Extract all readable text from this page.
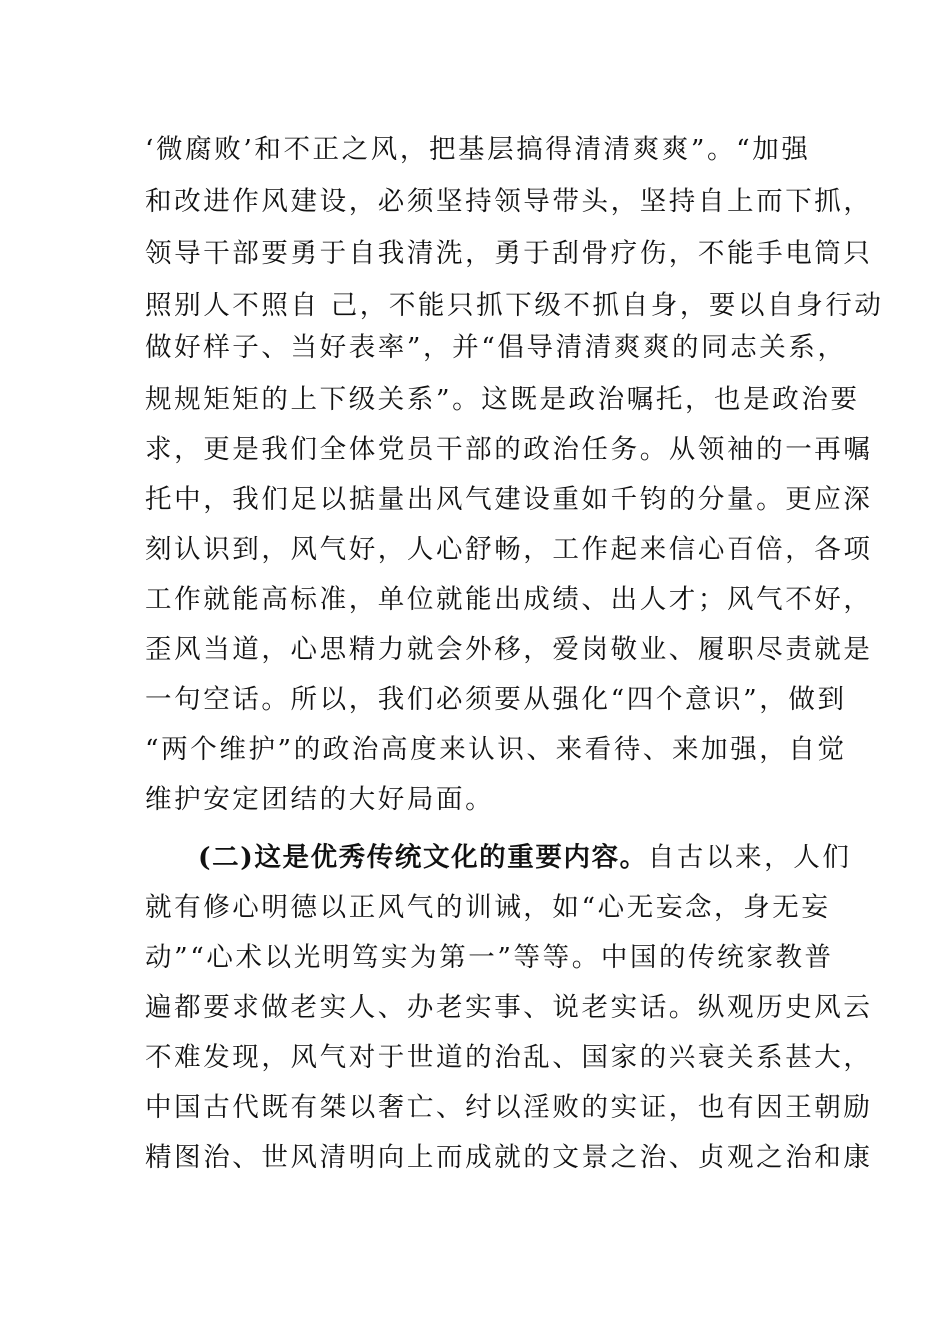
‘微腐败’和不正之风，把基层搞得清清爽爽”。“加强
和改进作风建设，必须坚持领导带头，坚持自上而下抓，
领导干部要勇于自我清洗，勇于刮骨疗伤，不能手电筒只
照别人不照自 己，不能只抓下级不抓自身，要以自身行动
做好样子、当好表率”，并“倡导清清爽爽的同志关系，
规规矩矩的上下级关系”。这既是政治嘱托，也是政治要
求，更是我们全体党员干部的政治任务。从领袖的一再嘱
托中，我们足以掂量出风气建设重如千钧的分量。更应深
刻认识到，风气好，人心舒畅，工作起来信心百倍，各项
工作就能高标准，单位就能出成绩、出人才；风气不好，
歪风当道，心思精力就会外移，爱岗敬业、履职尽责就是
一句空话。所以，我们必须要从强化“四个意识”，做到
“两个维护”的政治高度来认识、来看待、来加强，自觉
维护安定团结的大好局面。
(二)这是优秀传统文化的重要内容。自古以来，人们
就有修心明德以正风气的训诫，如“心无妄念，身无妄
动”“心术以光明笃实为第一”等等。中国的传统家教普
遍都要求做老实人、办老实事、说老实话。纵观历史风云
不难发现，风气对于世道的治乱、国家的兴衰关系甚大，
中国古代既有桀以奢亡、纣以淫败的实证，也有因王朝励
精图治、世风清明向上而成就的文景之治、贞观之治和康
